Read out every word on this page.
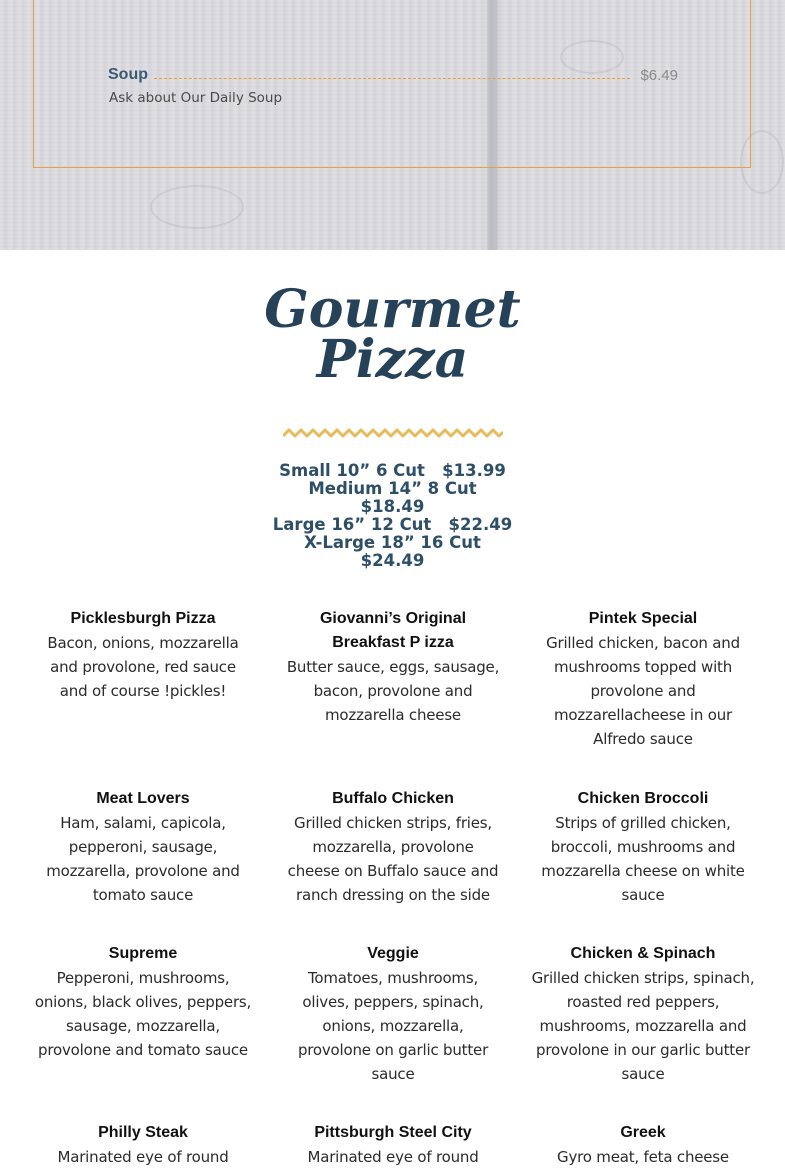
Soup	$6.49
Ask about Our Daily Soup
Gourmet
Pizza
Small 10” 6 Cut   $13.99
Medium 14” 8 Cut
$18.49
Large 16” 12 Cut   $22.49
X-Large 18” 16 Cut
$24.49
Picklesburgh Pizza
Bacon, onions, mozzarella
and provolone, red sauce
and of course !pickles!
Giovanni’s Original
Breakfast P izza
Butter sauce, eggs, sausage,
bacon, provolone and
mozzarella cheese
Pintek Special
Grilled chicken, bacon and
mushrooms topped with
provolone and
mozzarellacheese in our
Alfredo sauce
Meat Lovers
Ham, salami, capicola,
pepperoni, sausage,
mozzarella, provolone and
tomato sauce
Buffalo Chicken
Grilled chicken strips, fries,
mozzarella, provolone
cheese on Buffalo sauce and
ranch dressing on the side
Chicken Broccoli
Strips of grilled chicken,
broccoli, mushrooms and
mozzarella cheese on white
sauce
Supreme
Pepperoni, mushrooms,
onions, black olives, peppers,
sausage, mozzarella,
provolone and tomato sauce
Veggie
Tomatoes, mushrooms,
olives, peppers, spinach,
onions, mozzarella,
provolone on garlic butter
sauce
Chicken & Spinach
Grilled chicken strips, spinach,
roasted red peppers,
mushrooms, mozzarella and
provolone in our garlic butter
sauce
Philly Steak
Marinated eye of round
Pittsburgh Steel City
Marinated eye of round
Greek
Gyro meat, feta cheese
